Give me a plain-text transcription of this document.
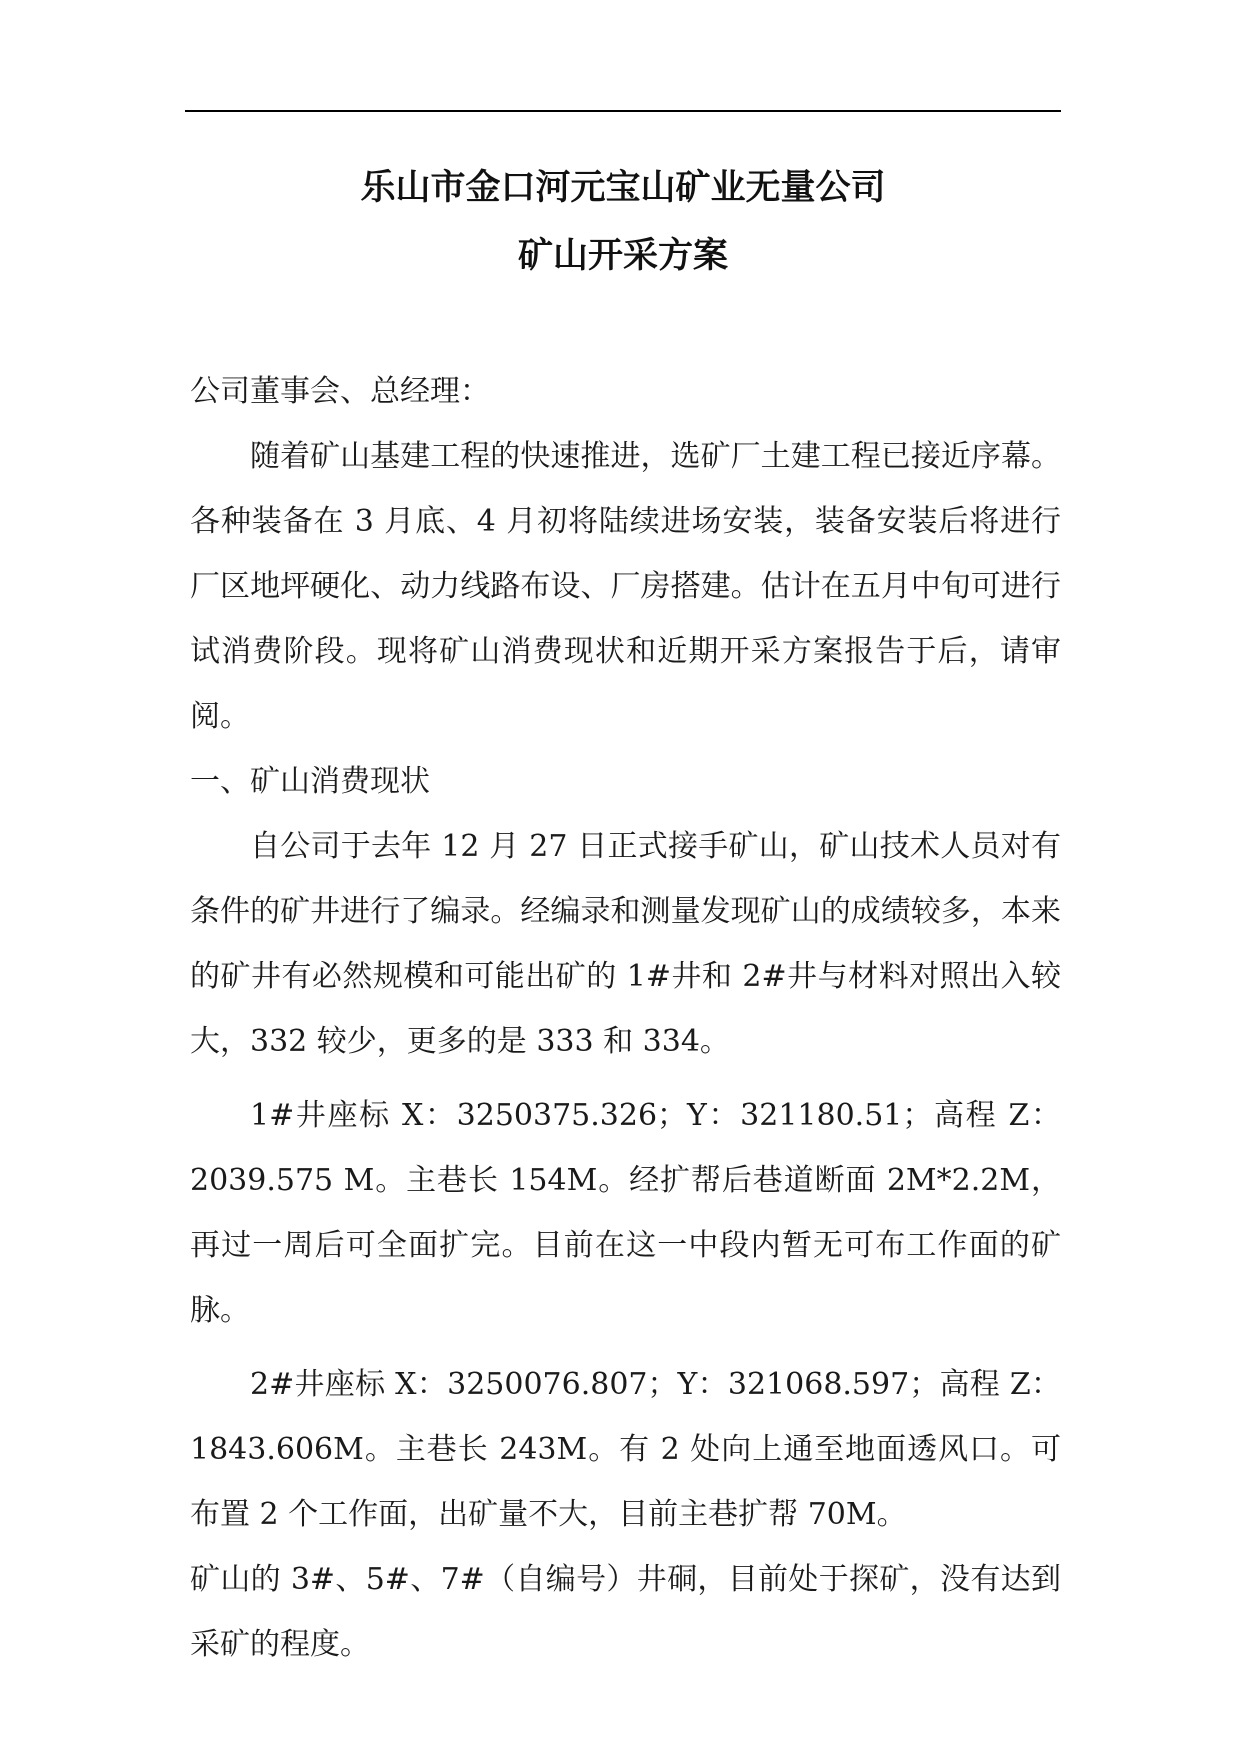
乐山市金口河元宝山矿业无量公司
矿山开采方案

公司董事会、总经理：

随着矿山基建工程的快速推进，选矿厂土建工程已接近序幕。各种装备在 3 月底、4 月初将陆续进场安装，装备安装后将进行厂区地坪硬化、动力线路布设、厂房搭建。估计在五月中旬可进行试消费阶段。现将矿山消费现状和近期开采方案报告于后，请审阅。

一、矿山消费现状

自公司于去年 12 月 27 日正式接手矿山，矿山技术人员对有条件的矿井进行了编录。经编录和测量发现矿山的成绩较多，本来的矿井有必然规模和可能出矿的 1#井和 2#井与材料对照出入较大，332 较少，更多的是 333 和 334。

1#井座标 X：3250375.326；Y：321180.51；高程 Z：2039.575 M。主巷长 154M。经扩帮后巷道断面 2M*2.2M，再过一周后可全面扩完。目前在这一中段内暂无可布工作面的矿脉。

2#井座标 X：3250076.807；Y：321068.597；高程 Z：1843.606M。主巷长 243M。有 2 处向上通至地面透风口。可布置 2 个工作面，出矿量不大，目前主巷扩帮 70M。

矿山的 3#、5#、7#（自编号）井硐，目前处于探矿，没有达到采矿的程度。
